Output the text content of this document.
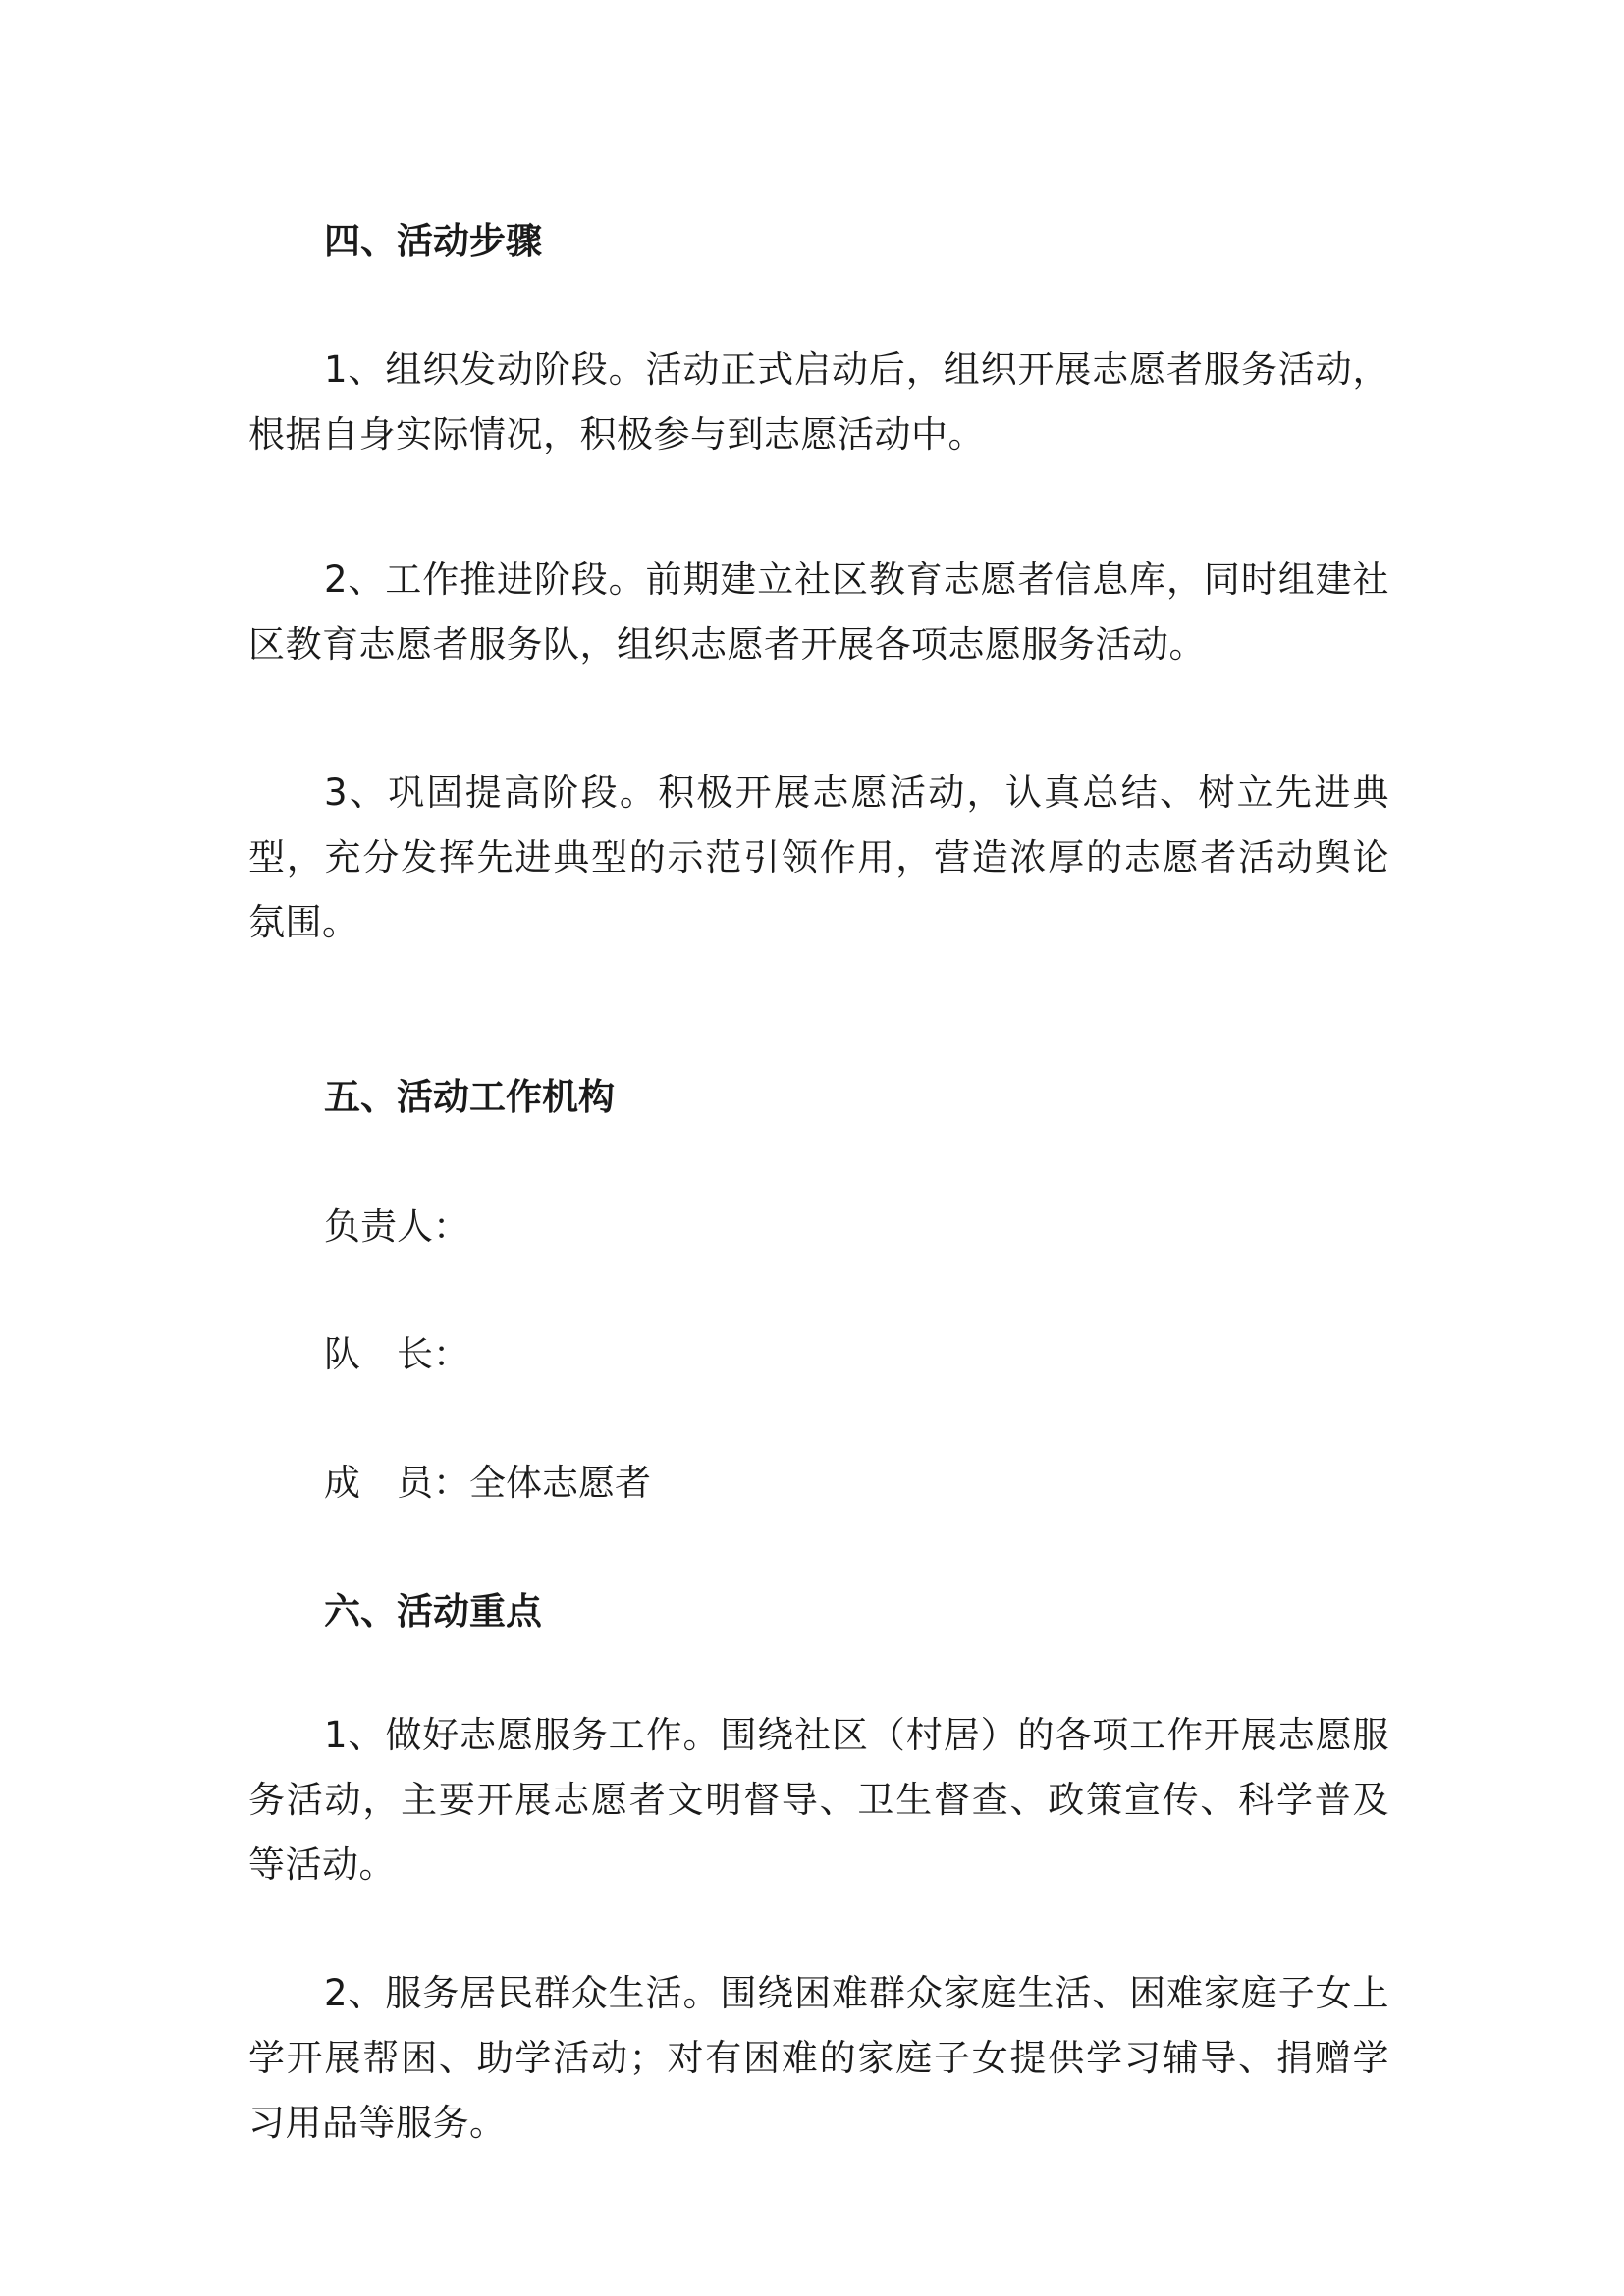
四、活动步骤
1、组织发动阶段。活动正式启动后，组织开展志愿者服务活动，根据自身实际情况，积极参与到志愿活动中。
2、工作推进阶段。前期建立社区教育志愿者信息库，同时组建社区教育志愿者服务队，组织志愿者开展各项志愿服务活动。
3、巩固提高阶段。积极开展志愿活动，认真总结、树立先进典型，充分发挥先进典型的示范引领作用，营造浓厚的志愿者活动舆论氛围。
五、活动工作机构
负责人：
队　长：
成　员：全体志愿者
六、活动重点
1、做好志愿服务工作。围绕社区（村居）的各项工作开展志愿服务活动，主要开展志愿者文明督导、卫生督查、政策宣传、科学普及等活动。
2、服务居民群众生活。围绕困难群众家庭生活、困难家庭子女上学开展帮困、助学活动；对有困难的家庭子女提供学习辅导、捐赠学习用品等服务。
